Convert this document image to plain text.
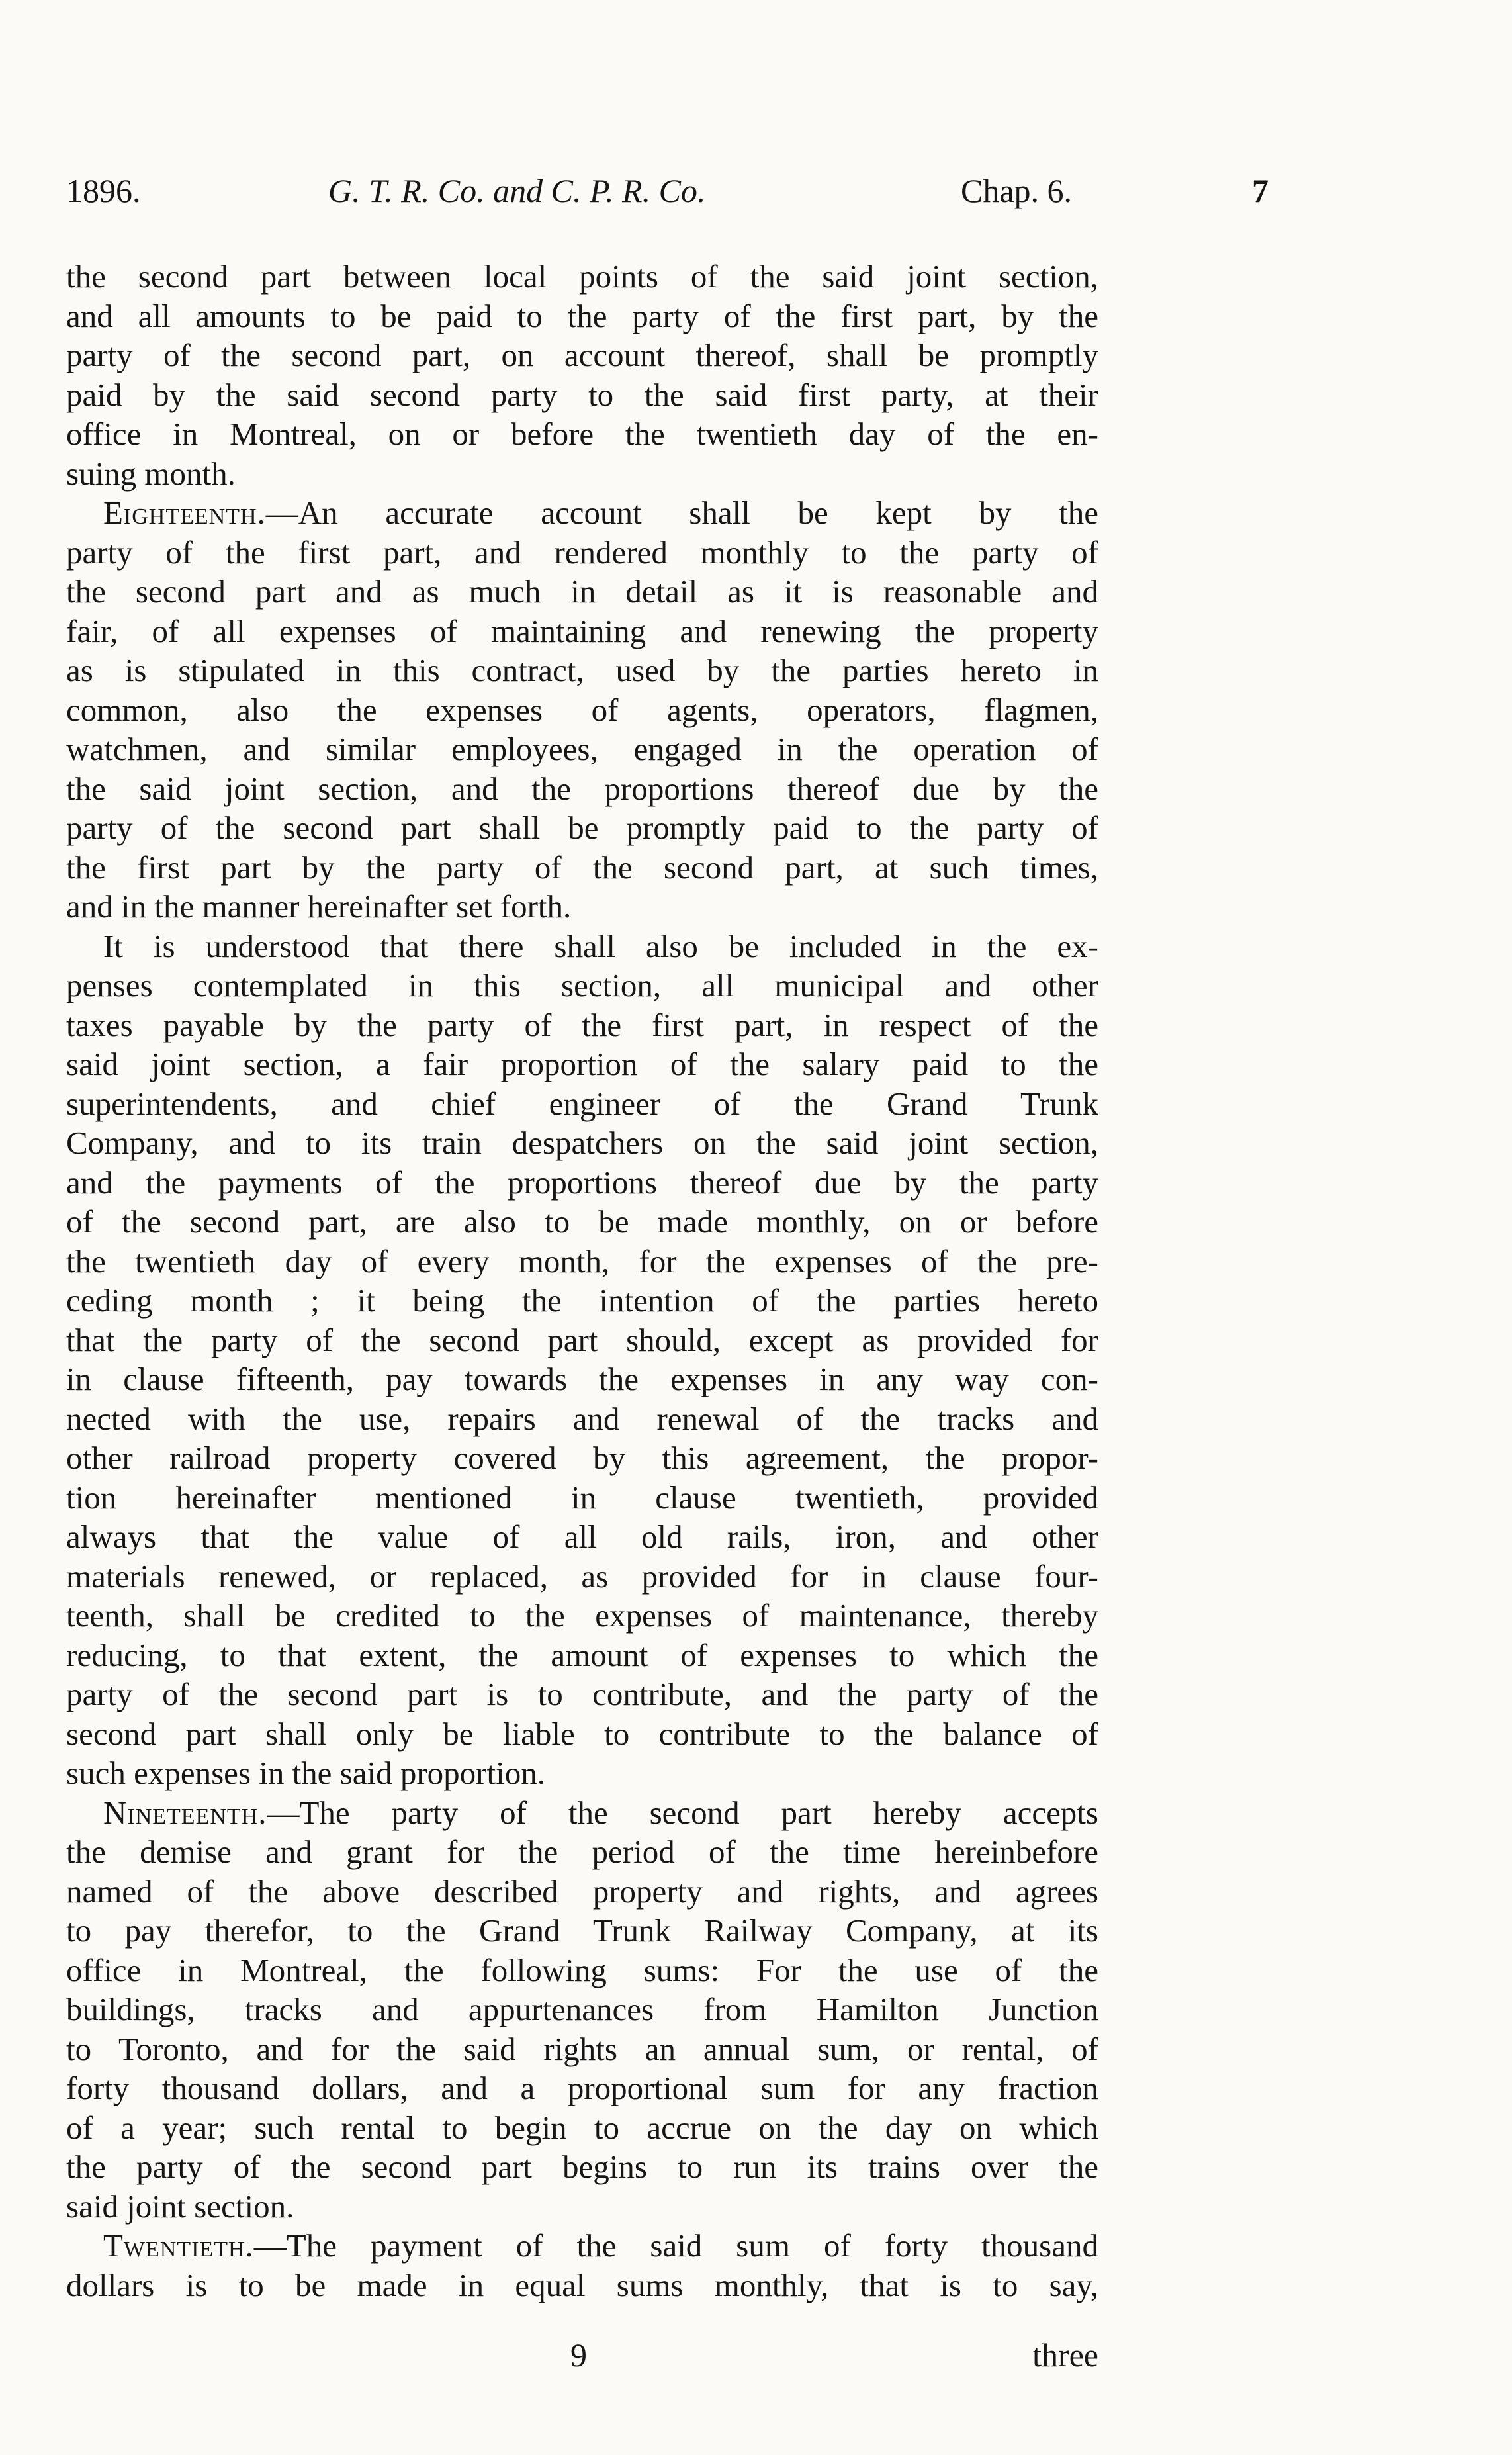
1896.	G. T. R. Co. and C. P. R. Co.	Chap. 6.	7
the second part between local points of the said joint section,
and all amounts to be paid to the party of the first part, by the
party of the second part, on account thereof, shall be promptly
paid by the said second party to the said first party, at their
office in Montreal, on or before the twentieth day of the en-
suing month.
Eighteenth.—An accurate account shall be kept by the
party of the first part, and rendered monthly to the party of
the second part and as much in detail as it is reasonable and
fair, of all expenses of maintaining and renewing the property
as is stipulated in this contract, used by the parties hereto in
common, also the expenses of agents, operators, flagmen,
watchmen, and similar employees, engaged in the operation of
the said joint section, and the proportions thereof due by the
party of the second part shall be promptly paid to the party of
the first part by the party of the second part, at such times,
and in the manner hereinafter set forth.
It is understood that there shall also be included in the ex-
penses contemplated in this section, all municipal and other
taxes payable by the party of the first part, in respect of the
said joint section, a fair proportion of the salary paid to the
superintendents, and chief engineer of the Grand Trunk
Company, and to its train despatchers on the said joint section,
and the payments of the proportions thereof due by the party
of the second part, are also to be made monthly, on or before
the twentieth day of every month, for the expenses of the pre-
ceding month ; it being the intention of the parties hereto
that the party of the second part should, except as provided for
in clause fifteenth, pay towards the expenses in any way con-
nected with the use, repairs and renewal of the tracks and
other railroad property covered by this agreement, the propor-
tion hereinafter mentioned in clause twentieth, provided
always that the value of all old rails, iron, and other
materials renewed, or replaced, as provided for in clause four-
teenth, shall be credited to the expenses of maintenance, thereby
reducing, to that extent, the amount of expenses to which the
party of the second part is to contribute, and the party of the
second part shall only be liable to contribute to the balance of
such expenses in the said proportion.
Nineteenth.—The party of the second part hereby accepts
the demise and grant for the period of the time hereinbefore
named of the above described property and rights, and agrees
to pay therefor, to the Grand Trunk Railway Company, at its
office in Montreal, the following sums: For the use of the
buildings, tracks and appurtenances from Hamilton Junction
to Toronto, and for the said rights an annual sum, or rental, of
forty thousand dollars, and a proportional sum for any fraction
of a year; such rental to begin to accrue on the day on which
the party of the second part begins to run its trains over the
said joint section.
Twentieth.—The payment of the said sum of forty thousand
dollars is to be made in equal sums monthly, that is to say,
9	three
